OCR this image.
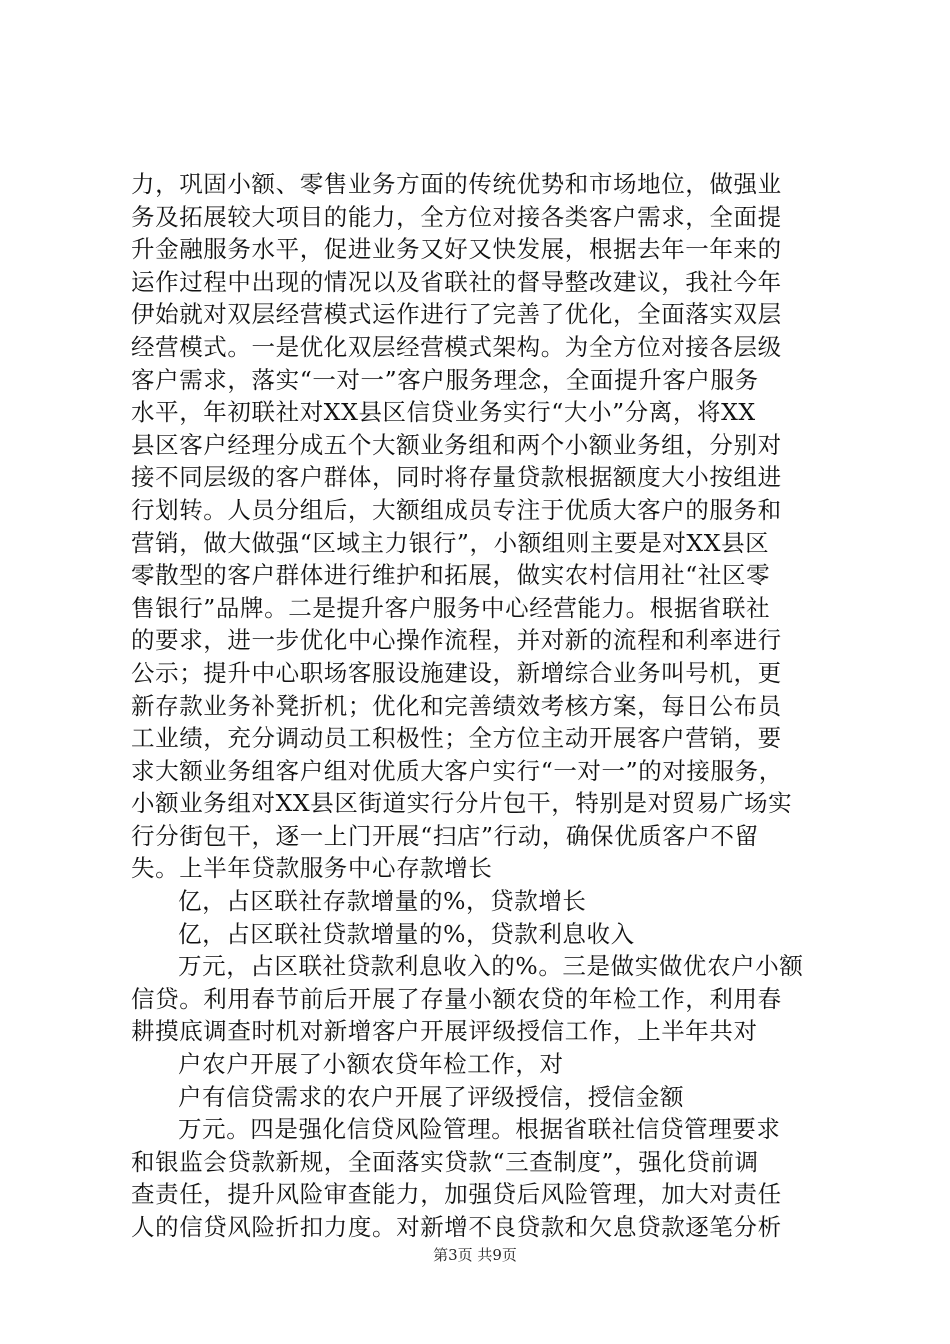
力，巩固小额、零售业务方面的传统优势和市场地位，做强业
务及拓展较大项目的能力，全方位对接各类客户需求，全面提
升金融服务水平，促进业务又好又快发展，根据去年一年来的
运作过程中出现的情况以及省联社的督导整改建议，我社今年
伊始就对双层经营模式运作进行了完善了优化，全面落实双层
经营模式。一是优化双层经营模式架构。为全方位对接各层级
客户需求，落实“一对一”客户服务理念，全面提升客户服务
水平，年初联社对XX县区信贷业务实行“大小”分离，将XX
县区客户经理分成五个大额业务组和两个小额业务组，分别对
接不同层级的客户群体，同时将存量贷款根据额度大小按组进
行划转。人员分组后，大额组成员专注于优质大客户的服务和
营销，做大做强“区域主力银行”，小额组则主要是对XX县区
零散型的客户群体进行维护和拓展，做实农村信用社“社区零
售银行”品牌。二是提升客户服务中心经营能力。根据省联社
的要求，进一步优化中心操作流程，并对新的流程和利率进行
公示；提升中心职场客服设施建设，新增综合业务叫号机，更
新存款业务补凳折机；优化和完善绩效考核方案，每日公布员
工业绩，充分调动员工积极性；全方位主动开展客户营销，要
求大额业务组客户组对优质大客户实行“一对一”的对接服务，
小额业务组对XX县区街道实行分片包干，特别是对贸易广场实
行分街包干，逐一上门开展“扫店”行动，确保优质客户不留
失。上半年贷款服务中心存款增长
亿，占区联社存款增量的%，贷款增长
亿，占区联社贷款增量的%，贷款利息收入
万元，占区联社贷款利息收入的%。三是做实做优农户小额
信贷。利用春节前后开展了存量小额农贷的年检工作，利用春
耕摸底调查时机对新增客户开展评级授信工作，上半年共对
户农户开展了小额农贷年检工作，对
户有信贷需求的农户开展了评级授信，授信金额
万元。四是强化信贷风险管理。根据省联社信贷管理要求
和银监会贷款新规，全面落实贷款“三查制度”，强化贷前调
查责任，提升风险审查能力，加强贷后风险管理，加大对责任
人的信贷风险折扣力度。对新增不良贷款和欠息贷款逐笔分析
第3页 共9页
